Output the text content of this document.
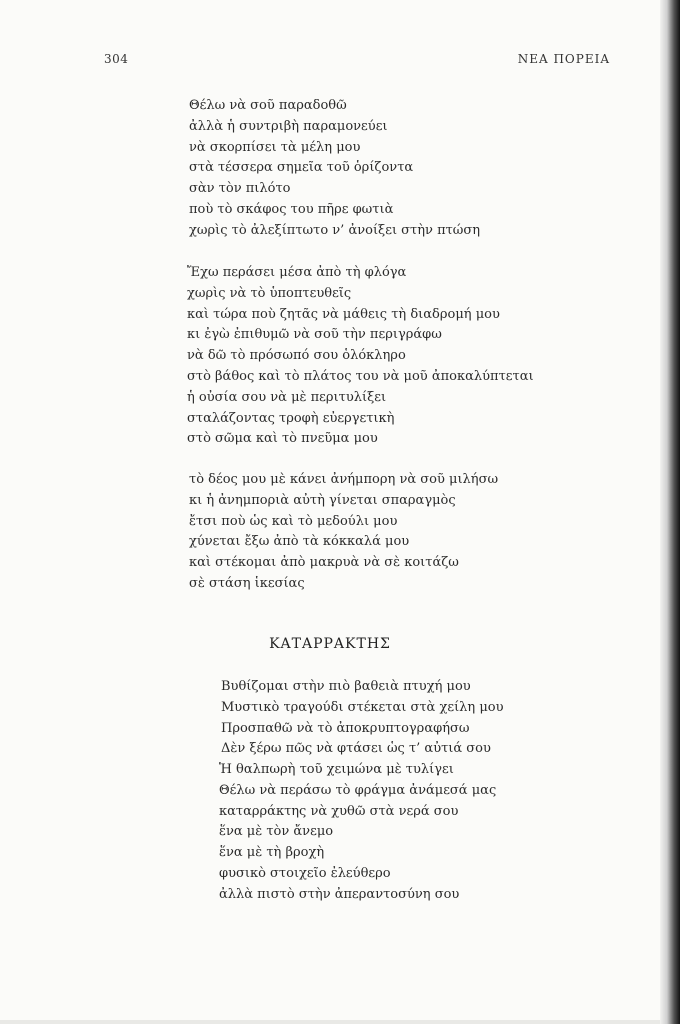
304	ΝΕΑ ΠΟΡΕΙΑ
Θέλω νὰ σοῦ παραδοθῶ
ἀλλὰ ἡ συντριβὴ παραμονεύει
νὰ σκορπίσει τὰ μέλη μου
στὰ τέσσερα σημεῖα τοῦ ὁρίζοντα
σὰν τὸν πιλότο
ποὺ τὸ σκάφος του πῆρε φωτιὰ
χωρὶς τὸ ἀλεξίπτωτο ν’ ἀνοίξει στὴν πτώση
Ἔχω περάσει μέσα ἀπὸ τὴ φλόγα
χωρὶς νὰ τὸ ὑποπτευθεῖς
καὶ τώρα ποὺ ζητᾶς νὰ μάθεις τὴ διαδρομή μου
κι ἐγὼ ἐπιθυμῶ νὰ σοῦ τὴν περιγράφω
νὰ δῶ τὸ πρόσωπό σου ὁλόκληρο
στὸ βάθος καὶ τὸ πλάτος του νὰ μοῦ ἀποκαλύπτεται
ἡ οὐσία σου νὰ μὲ περιτυλίξει
σταλάζοντας τροφὴ εὐεργετικὴ
στὸ σῶμα καὶ τὸ πνεῦμα μου
τὸ δέος μου μὲ κάνει ἀνήμπορη νὰ σοῦ μιλήσω
κι ἡ ἀνημποριὰ αὐτὴ γίνεται σπαραγμὸς
ἔτσι ποὺ ὡς καὶ τὸ μεδούλι μου
χύνεται ἔξω ἀπὸ τὰ κόκκαλά μου
καὶ στέκομαι ἀπὸ μακρυὰ νὰ σὲ κοιτάζω
σὲ στάση ἱκεσίας
ΚΑΤΑΡΡΑΚΤΗΣ
Βυθίζομαι στὴν πιὸ βαθειὰ πτυχή μου
Μυστικὸ τραγούδι στέκεται στὰ χείλη μου
Προσπαθῶ νὰ τὸ ἀποκρυπτογραφήσω
Δὲν ξέρω πῶς νὰ φτάσει ὡς τ’ αὐτιά σου
Ἡ θαλπωρὴ τοῦ χειμώνα μὲ τυλίγει
Θέλω νὰ περάσω τὸ φράγμα ἀνάμεσά μας
καταρράκτης νὰ χυθῶ στὰ νερά σου
ἕνα μὲ τὸν ἄνεμο
ἕνα μὲ τὴ βροχὴ
φυσικὸ στοιχεῖο ἐλεύθερο
ἀλλὰ πιστὸ στὴν ἀπεραντοσύνη σου
